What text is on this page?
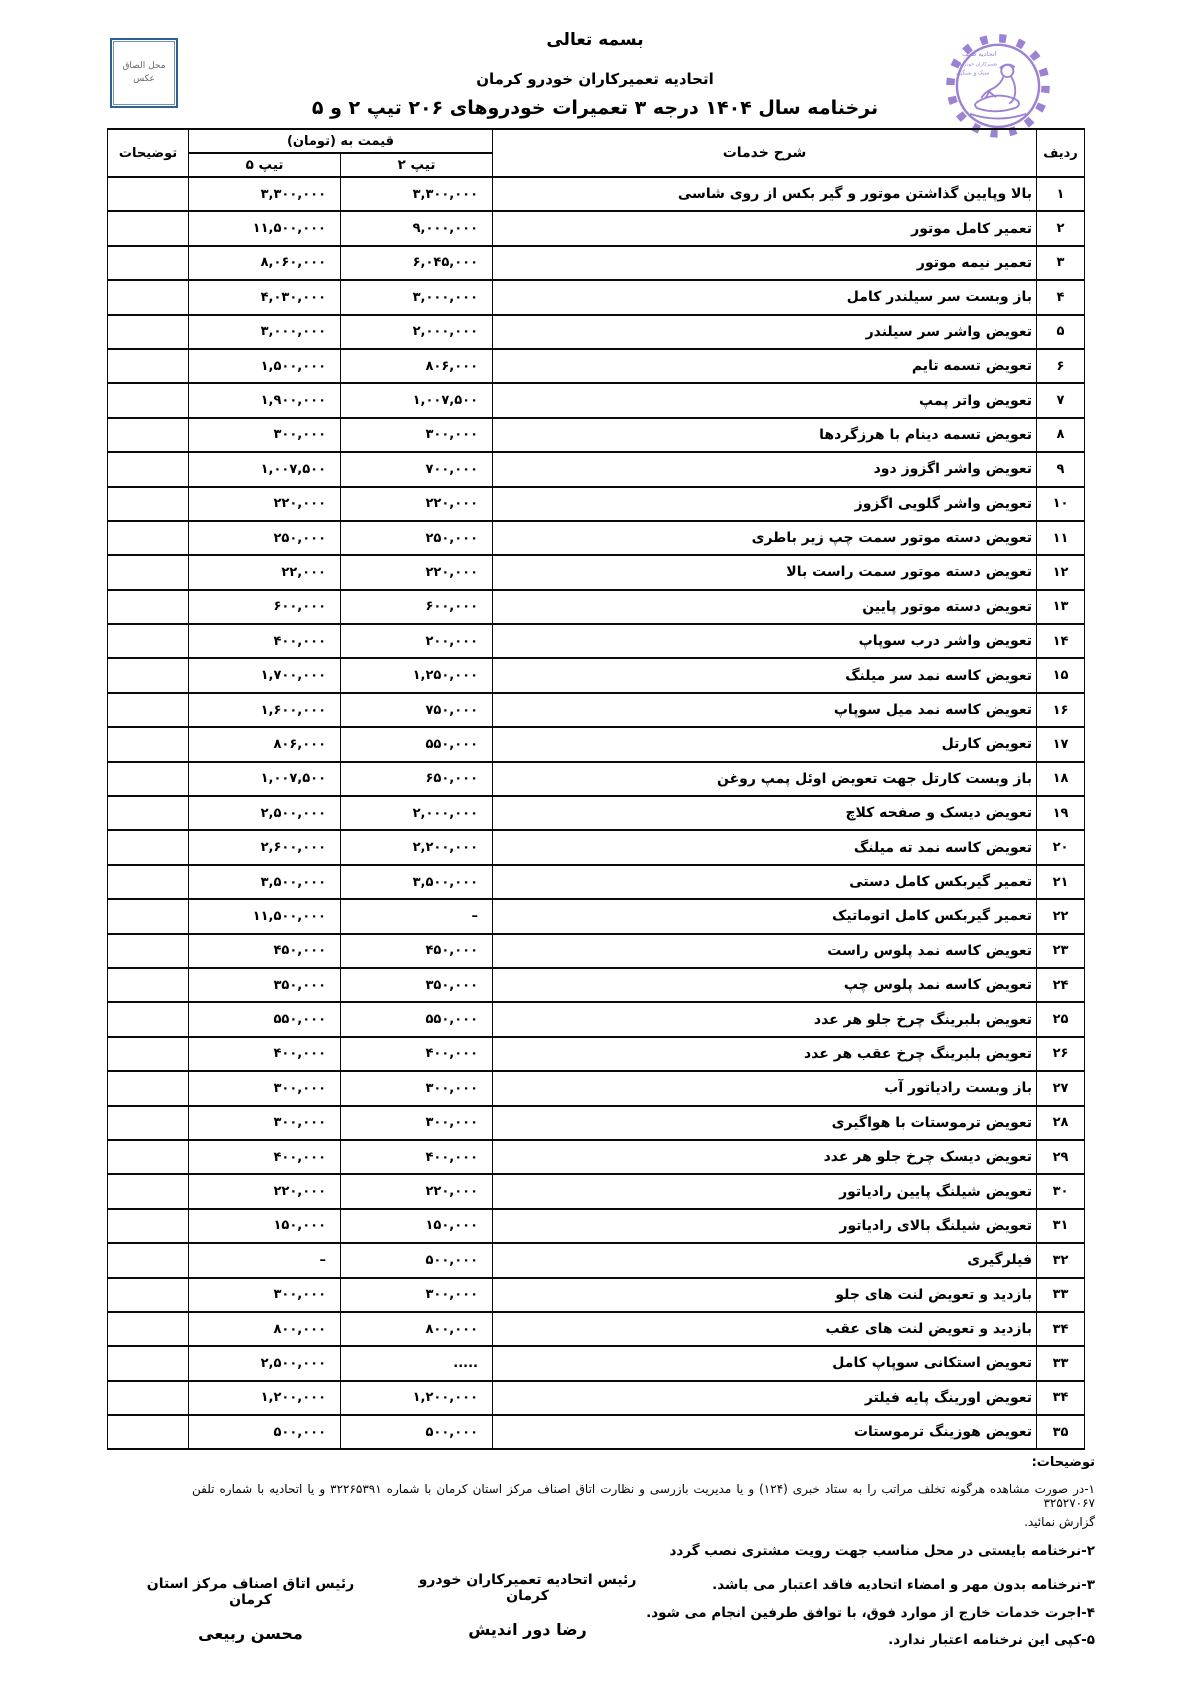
محل الصاق
عکس
اتحادیه صنف
تعمیرکاران خودروهای
سبک و سنگین
بسمه تعالی
اتحادیه تعمیرکاران خودرو کرمان
نرخنامه سال ۱۴۰۴ درجه ۳ تعمیرات خودروهای ۲۰۶ تیپ ۲ و ۵
ردیف	شرح خدمات	قیمت به (تومان)		توضیحات
		تیپ ۲	تیپ ۵	
۱	بالا وپایین گذاشتن موتور و گیر بکس از روی شاسی	۳,۳۰۰,۰۰۰	۳,۳۰۰,۰۰۰	
۲	تعمیر کامل موتور	۹,۰۰۰,۰۰۰	۱۱,۵۰۰,۰۰۰	
۳	تعمیر نیمه موتور	۶,۰۴۵,۰۰۰	۸,۰۶۰,۰۰۰	
۴	باز وبست سر سیلندر کامل	۳,۰۰۰,۰۰۰	۴,۰۳۰,۰۰۰	
۵	تعویض واشر سر سیلندر	۲,۰۰۰,۰۰۰	۳,۰۰۰,۰۰۰	
۶	تعویض تسمه تایم	۸۰۶,۰۰۰	۱,۵۰۰,۰۰۰	
۷	تعویض واتر پمپ	۱,۰۰۷,۵۰۰	۱,۹۰۰,۰۰۰	
۸	تعویض تسمه دینام با هرزگردها	۳۰۰,۰۰۰	۳۰۰,۰۰۰	
۹	تعویض واشر اگزوز دود	۷۰۰,۰۰۰	۱,۰۰۷,۵۰۰	
۱۰	تعویض واشر گلویی اگزوز	۲۲۰,۰۰۰	۲۲۰,۰۰۰	
۱۱	تعویض دسته موتور سمت چپ زیر باطری	۲۵۰,۰۰۰	۲۵۰,۰۰۰	
۱۲	تعویض دسته موتور سمت راست بالا	۲۲۰,۰۰۰	۲۲,۰۰۰	
۱۳	تعویض دسته موتور پایین	۶۰۰,۰۰۰	۶۰۰,۰۰۰	
۱۴	تعویض واشر درب سوپاپ	۲۰۰,۰۰۰	۴۰۰,۰۰۰	
۱۵	تعویض کاسه نمد سر میلنگ	۱,۲۵۰,۰۰۰	۱,۷۰۰,۰۰۰	
۱۶	تعویض کاسه نمد میل سوپاپ	۷۵۰,۰۰۰	۱,۶۰۰,۰۰۰	
۱۷	تعویض کارتل	۵۵۰,۰۰۰	۸۰۶,۰۰۰	
۱۸	باز وبست کارتل جهت تعویض اوئل پمپ روغن	۶۵۰,۰۰۰	۱,۰۰۷,۵۰۰	
۱۹	تعویض دیسک و صفحه کلاچ	۲,۰۰۰,۰۰۰	۲,۵۰۰,۰۰۰	
۲۰	تعویض کاسه نمد ته میلنگ	۲,۲۰۰,۰۰۰	۲,۶۰۰,۰۰۰	
۲۱	تعمیر گیربکس کامل دستی	۳,۵۰۰,۰۰۰	۳,۵۰۰,۰۰۰	
۲۲	تعمیر گیربکس کامل اتوماتیک	–	۱۱,۵۰۰,۰۰۰	
۲۳	تعویض کاسه نمد پلوس راست	۴۵۰,۰۰۰	۴۵۰,۰۰۰	
۲۴	تعویض کاسه نمد پلوس چپ	۳۵۰,۰۰۰	۳۵۰,۰۰۰	
۲۵	تعویض بلبرینگ چرخ جلو هر عدد	۵۵۰,۰۰۰	۵۵۰,۰۰۰	
۲۶	تعویض بلبرینگ چرخ عقب هر عدد	۴۰۰,۰۰۰	۴۰۰,۰۰۰	
۲۷	باز وبست رادیاتور آب	۳۰۰,۰۰۰	۳۰۰,۰۰۰	
۲۸	تعویض ترموستات با هواگیری	۳۰۰,۰۰۰	۳۰۰,۰۰۰	
۲۹	تعویض دیسک چرخ جلو هر عدد	۴۰۰,۰۰۰	۴۰۰,۰۰۰	
۳۰	تعویض شیلنگ پایین رادیاتور	۲۲۰,۰۰۰	۲۲۰,۰۰۰	
۳۱	تعویض شیلنگ بالای رادیاتور	۱۵۰,۰۰۰	۱۵۰,۰۰۰	
۳۲	فیلرگیری	۵۰۰,۰۰۰	–	
۳۳	بازدید و تعویض لنت های جلو	۳۰۰,۰۰۰	۳۰۰,۰۰۰	
۳۴	بازدید و تعویض لنت های عقب	۸۰۰,۰۰۰	۸۰۰,۰۰۰	
۳۳	تعویض استکانی سوپاپ کامل	.....	۲,۵۰۰,۰۰۰	
۳۴	تعویض اورینگ پایه فیلتر	۱,۲۰۰,۰۰۰	۱,۲۰۰,۰۰۰	
۳۵	تعویض هوزینگ ترموستات	۵۰۰,۰۰۰	۵۰۰,۰۰۰	
توضیحات:
۱-در صورت مشاهده هرگونه تخلف مراتب را به ستاد خبری (۱۲۴) و یا مدیریت بازرسی و نظارت اتاق اصناف مرکز استان کرمان با شماره ۳۲۲۶۵۳۹۱ و یا اتحادیه با شماره تلفن ۳۲۵۲۷۰۶۷
گزارش نمائید.
۲-نرخنامه بایستی در محل مناسب جهت رویت مشتری نصب گردد
۳-نرخنامه بدون مهر و امضاء اتحادیه فاقد اعتبار می باشد.
۴-اجرت خدمات خارج از موارد فوق، با توافق طرفین انجام می شود.
۵-کپی این نرخنامه اعتبار ندارد.
رئیس اتحادیه تعمیرکاران خودرو کرمان
رضا دور اندیش
رئیس اتاق اصناف مرکز استان کرمان
محسن ربیعی
